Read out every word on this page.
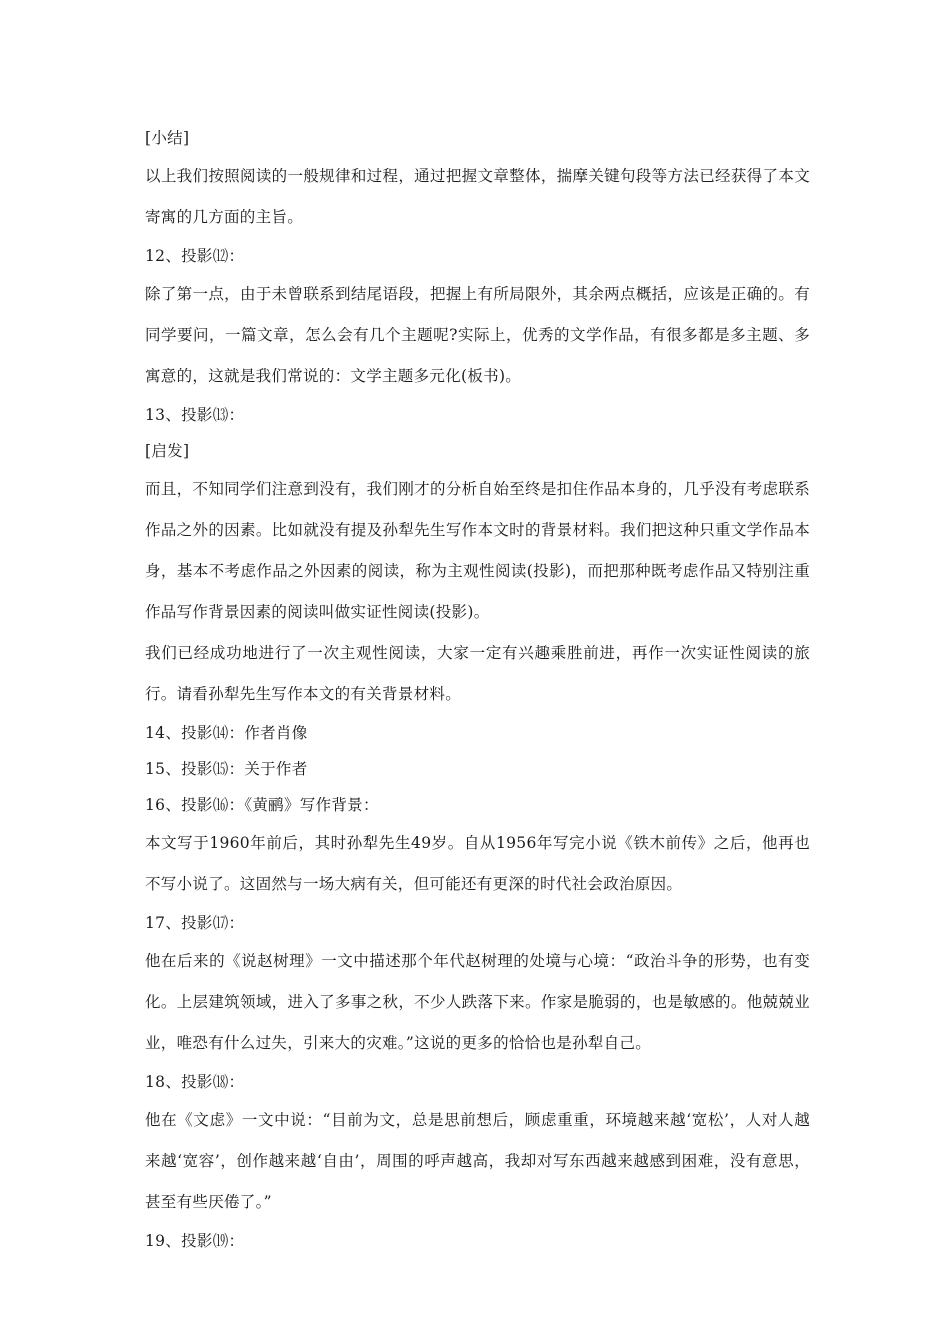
[小结]

以上我们按照阅读的一般规律和过程，通过把握文章整体，揣摩关键句段等方法已经获得了本文寄寓的几方面的主旨。

12、投影⑿：

除了第一点，由于未曾联系到结尾语段，把握上有所局限外，其余两点概括，应该是正确的。有同学要问，一篇文章，怎么会有几个主题呢?实际上，优秀的文学作品，有很多都是多主题、多寓意的，这就是我们常说的：文学主题多元化(板书)。

13、投影⒀：

[启发]

而且，不知同学们注意到没有，我们刚才的分析自始至终是扣住作品本身的，几乎没有考虑联系作品之外的因素。比如就没有提及孙犁先生写作本文时的背景材料。我们把这种只重文学作品本身，基本不考虑作品之外因素的阅读，称为主观性阅读(投影)，而把那种既考虑作品又特别注重作品写作背景因素的阅读叫做实证性阅读(投影)。

我们已经成功地进行了一次主观性阅读，大家一定有兴趣乘胜前进，再作一次实证性阅读的旅行。请看孙犁先生写作本文的有关背景材料。

14、投影⒁：作者肖像

15、投影⒂：关于作者

16、投影⒃：《黄鹂》写作背景：

本文写于1960年前后，其时孙犁先生49岁。自从1956年写完小说《铁木前传》之后，他再也不写小说了。这固然与一场大病有关，但可能还有更深的时代社会政治原因。

17、投影⒄：

他在后来的《说赵树理》一文中描述那个年代赵树理的处境与心境：“政治斗争的形势，也有变化。上层建筑领域，进入了多事之秋，不少人跌落下来。作家是脆弱的，也是敏感的。他兢兢业业，唯恐有什么过失，引来大的灾难。”这说的更多的恰恰也是孙犁自己。

18、投影⒅：

他在《文虑》一文中说：“目前为文，总是思前想后，顾虑重重，环境越来越‘宽松’，人对人越来越‘宽容’，创作越来越‘自由’，周围的呼声越高，我却对写东西越来越感到困难，没有意思，甚至有些厌倦了。”

19、投影⒆：
